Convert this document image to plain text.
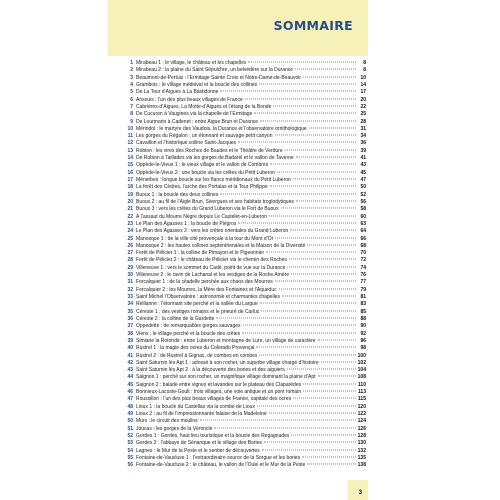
SOMMAIRE
1 Mirabeau 1 : le village, le château et les chapelles	8
2 Mirabeau 2 : la plaine du Saint Sépulchre, un belvédère sur la Durance	8
3 Beaumont-de-Pertuis : l’Ermitage Sainte Croix et Notre-Dame-de-Beauvoir	10
4 Grambois : le village médiéval et la boucle des collines	14
5 De La Tour d’Aigues à La Bastidonne	17
6 Ansouis : l’un des plus beaux villages de France	20
7 Cabrières-d’Aigues, La Motte-d’Aigues et l’étang de la Bonde	22
8 De Cucuron à Vaugines via la chapelle de l’Ermitage	25
9 De Lourmarin à Cadenet : entre Aigue Brun et Durance	28
10 Mérindol : le martyre des Vaudois, la Durance et l’observatoire ornithologique	31
11 Les gorges du Régalon : un étonnant et sauvage petit canyon	34
12 Cavaillon et l’historique colline Saint-Jacques	36
13 Robion : les vires des Roches de Baudes et le Théâtre de Verdure	39
14 De Robion à Taillades via les gorges de Badarel et le vallon de Taverne	41
15 Oppède-le-Vieux 1 : le vieux village et le vallon de Combrès	43
16 Oppède-le-Vieux 2 : une boucle via les crêtes du Petit Luberon	45
17 Ménerbes : longue boucle sur les flancs méridionaux du Petit Luberon	47
18 La forêt des Cèdres, l’arche des Portalas et la Tour Philippe	50
19 Buoux 1 : la boucle des deux collines	52
20 Buoux 2 : au fil de l’Aigle Brun, Sivergues et ses habitats troglodytiques	56
21 Buoux 3 : vers les crêtes du Grand Luberon via le Fort de Buoux	58
22 À l’assaut du Mourre Nègre depuis Le Castelet-en-Luberon	60
23 Le Plan des Agasses 1 : la boucle de Piégros	63
24 Le Plan des Agasses 2 : vers les crêtes orientales du Grand Luberon	64
25 Manosque 1 : de la ville cité provençale à la tour du Mont d’Or	66
26 Manosque 2 : les hautes collines septentrionales et la Maison de la Diversité	68
27 Forêt de Pélicier 1 : la colline de Pimayon et le Pigeonnier	70
28 Forêt de Pélicier 2 : le château de Pélicier via le chemin des Roches	72
29 Villeneuve 1 : vers le sommet du Cadé, point de vue sur la Durance	74
30 Villeneuve 2 : le ravin de Lachanal et les vestiges de la Roche Amère	76
31 Forcalquier 1 : de la citadelle perchée aux chaos des Mourres	77
32 Forcalquier 2 : les Mourres, la Mère des Fontaines et l’Aqueduc	79
33 Saint Michel l’Observatoire : astronomie et charmantes chapelles	81
34 Reillanne : l’étonnant site perché et la vallée du Largue	83
35 Céreste 1 : des vestiges romains et le prieuré de Carluc	85
36 Céreste 2 : la colline de la Gardette	88
37 Oppedette : de remarquables gorges sauvages	90
38 Viens : le village perché et la boucle des crêtes	92
39 Simiane la Rotonde : entre Luberon et montagne de Lure, un village de caractère	96
40 Rustrel 1 : la magie des ocres du Colorado Provençal	98
41 Rustrel 2 : de Rustrel à Gignac, de combes en combes	100
42 Saint Saturnin lès Apt 1 : adossé à son rocher, un superbe village chargé d’histoire	102
43 Saint Saturnin lès Apt 2 : à la découverte des bories et des aiguiers	104
44 Saignon 1 : perché sur son rocher, un magnifique village dominant la plaine d’Apt	108
45 Saignon 2 : balade entre vignes et lavandes sur le plateau des Claparèdes	110
46 Bonnieux-Lacoste-Goult : trois villages, une voie antique et un pont romain	113
47 Roussillon : l’un des plus beaux villages de France, capitale des ocres	115
48 Lioux 1 : la boucle du Castellas via la combe de Lioux	120
49 Lioux 2 : au fil de l’impressionnante falaise de la Madeleine	122
50 Murs : le circuit des moulins	124
51 Joucas : les gorges de la Véroncle	126
52 Gordes 1 : Gordes, haut lieu touristique et la boucle des Regagnades	128
53 Gordes 2 : l’abbaye de Sénanque et le village des Bories	130
54 Lagnes : le Mur de la Peste et le sentier de découvertes	132
55 Fontaine-de-Vaucluse 1 : l’extraordinaire source de la Sorgue et les bories	135
56 Fontaine-de-Vaucluse 2 : le château, le vallon de l’Oule et le Mur de la Peste	138
3
